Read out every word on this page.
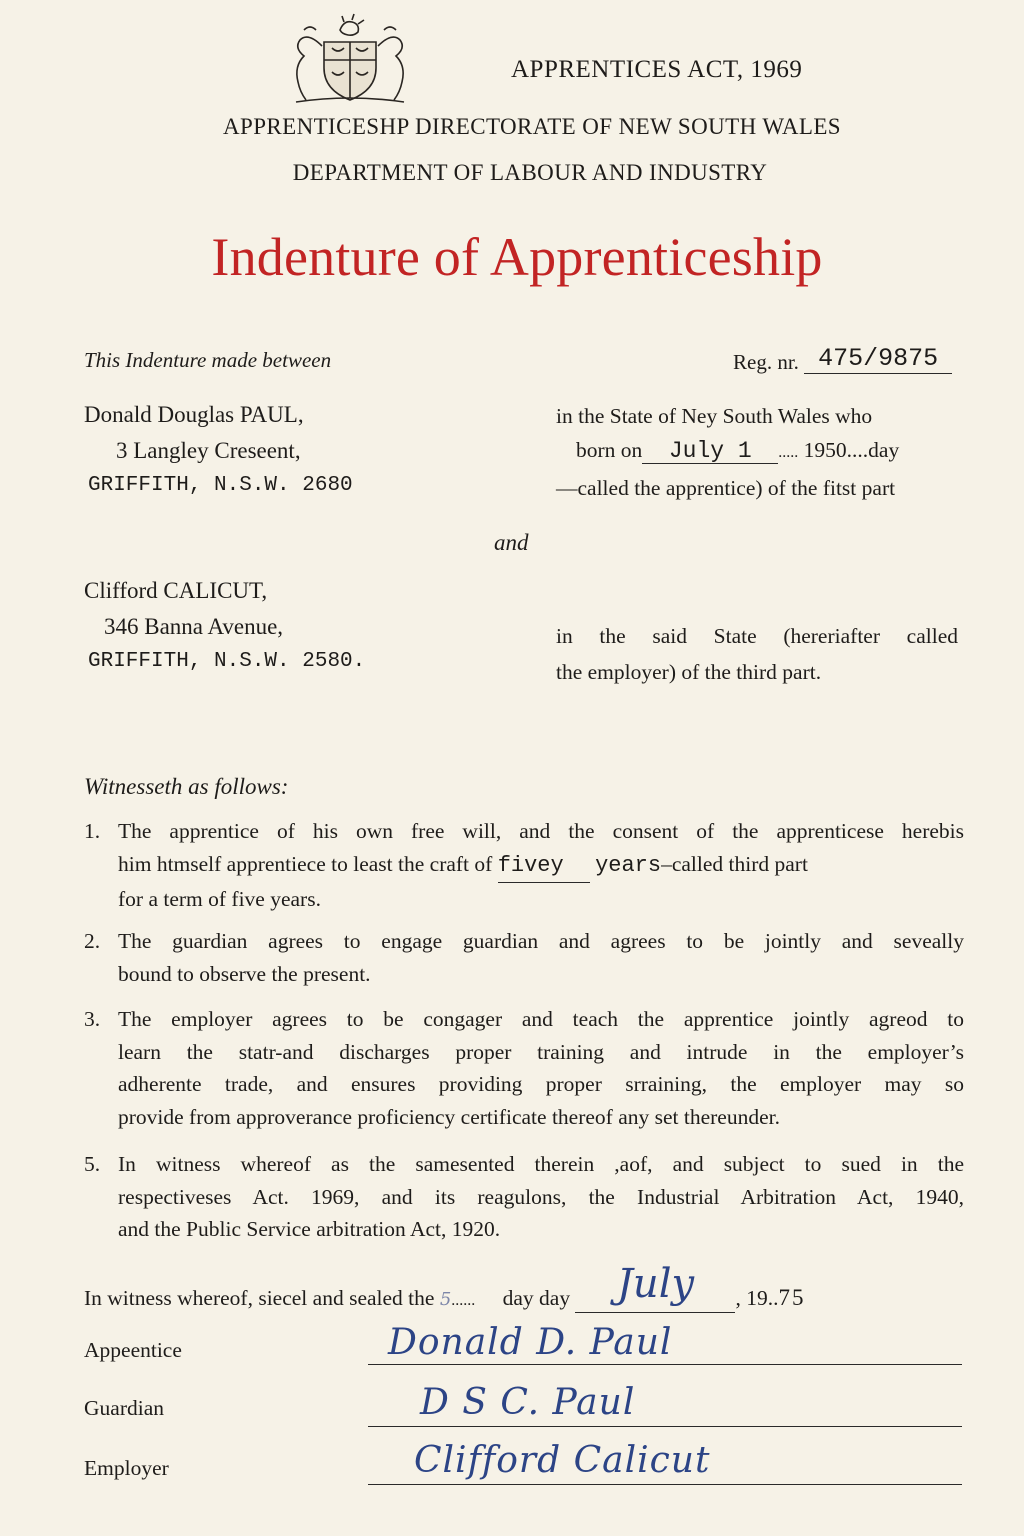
APPRENTICES ACT, 1969
APPRENTICESHP DIRECTORATE OF NEW SOUTH WALES
DEPARTMENT OF LABOUR AND INDUSTRY
Indenture of Apprenticeship
This Indenture made between	Reg. nr. 475/9875
Donald Douglas PAUL,
3 Langley Creseent,
GRIFFITH, N.S.W. 2680
in the State of Ney South Wales who
born on July 1 ..... 1950....day
—called the apprentice) of the fitst part
and
Clifford CALICUT,
346 Banna Avenue,
GRIFFITH, N.S.W. 2580.
in the said State (hereriafter called
the employer) of the third part.
Witnesseth as follows:
1. The apprentice of his own free will, and the consent of the apprenticese herebis
him htmself apprentiece to least the craft of fivey years–called third part
for a term of five years.
2. The guardian agrees to engage guardian and agrees to be jointly and seveally
bound to observe the present.
3. The employer agrees to be congager and teach the apprentice jointly agreod to
learn the statr-and discharges proper training and intrude in the employer’s
adherente trade, and ensures providing proper srraining, the employer may so
provide from approverance proficiency certificate thereof any set thereunder.
5. In witness whereof as the samesented therein ,aof, and subject to sued in the
respectiveses Act. 1969, and its reagulons, the Industrial Arbitration Act, 1940,
and the Public Service arbitration Act, 1920.
In witness whereof, siecel and sealed the 5...... day day July , 19..75
Appeentice	Donald D. Paul
Guardian	D S C. Paul
Employer	Clifford Calicut
